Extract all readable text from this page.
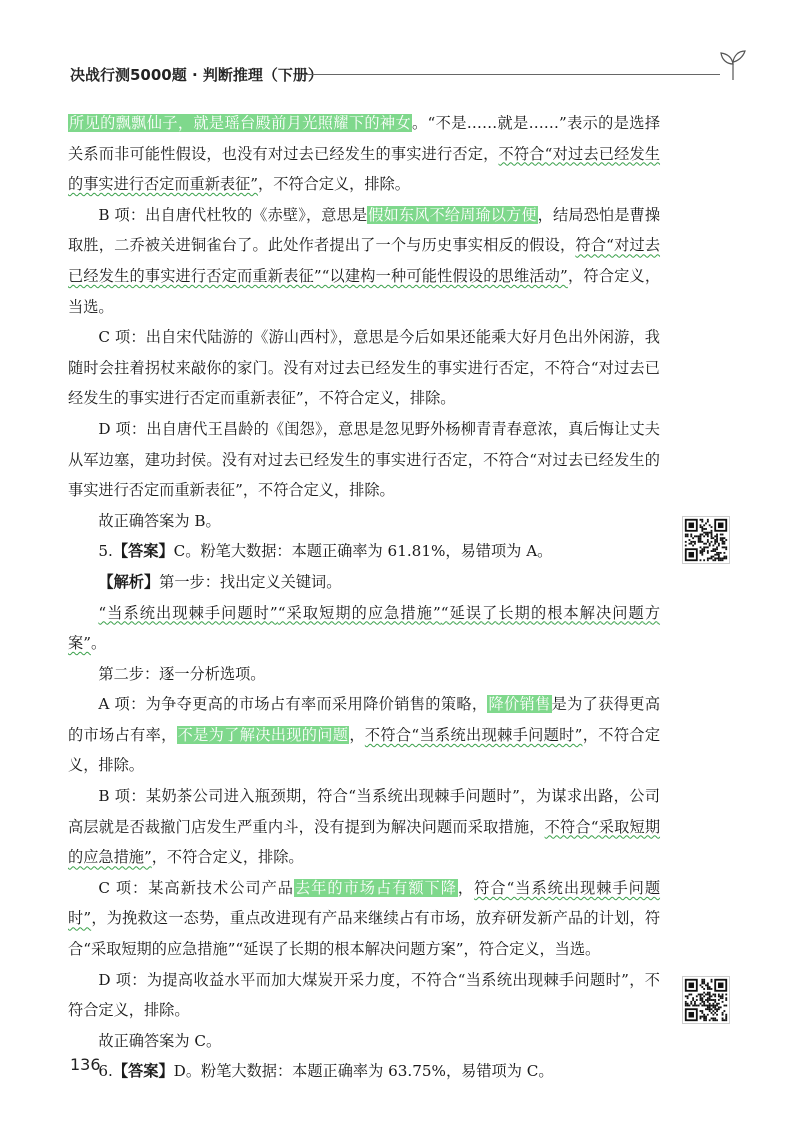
决战行测5000题 · 判断推理（下册）

所见的飘飘仙子，就是瑶台殿前月光照耀下的神女。“不是……就是……”表示的是选择关系而非可能性假设，也没有对过去已经发生的事实进行否定，不符合“对过去已经发生的事实进行否定而重新表征”，不符合定义，排除。

B 项：出自唐代杜牧的《赤壁》，意思是假如东风不给周瑜以方便，结局恐怕是曹操取胜，二乔被关进铜雀台了。此处作者提出了一个与历史事实相反的假设，符合“对过去已经发生的事实进行否定而重新表征”“以建构一种可能性假设的思维活动”，符合定义，当选。

C 项：出自宋代陆游的《游山西村》，意思是今后如果还能乘大好月色出外闲游，我随时会拄着拐杖来敲你的家门。没有对过去已经发生的事实进行否定，不符合“对过去已经发生的事实进行否定而重新表征”，不符合定义，排除。

D 项：出自唐代王昌龄的《闺怨》，意思是忽见野外杨柳青青春意浓，真后悔让丈夫从军边塞，建功封侯。没有对过去已经发生的事实进行否定，不符合“对过去已经发生的事实进行否定而重新表征”，不符合定义，排除。

故正确答案为 B。

5.【答案】C。粉笔大数据：本题正确率为 61.81%，易错项为 A。

【解析】第一步：找出定义关键词。

“当系统出现棘手问题时”“采取短期的应急措施”“延误了长期的根本解决问题方案”。

第二步：逐一分析选项。

A 项：为争夺更高的市场占有率而采用降价销售的策略，降价销售是为了获得更高的市场占有率，不是为了解决出现的问题，不符合“当系统出现棘手问题时”，不符合定义，排除。

B 项：某奶茶公司进入瓶颈期，符合“当系统出现棘手问题时”，为谋求出路，公司高层就是否裁撤门店发生严重内斗，没有提到为解决问题而采取措施，不符合“采取短期的应急措施”，不符合定义，排除。

C 项：某高新技术公司产品去年的市场占有额下降，符合“当系统出现棘手问题时”，为挽救这一态势，重点改进现有产品来继续占有市场，放弃研发新产品的计划，符合“采取短期的应急措施”“延误了长期的根本解决问题方案”，符合定义，当选。

D 项：为提高收益水平而加大煤炭开采力度，不符合“当系统出现棘手问题时”，不符合定义，排除。

故正确答案为 C。

6.【答案】D。粉笔大数据：本题正确率为 63.75%，易错项为 C。

136
